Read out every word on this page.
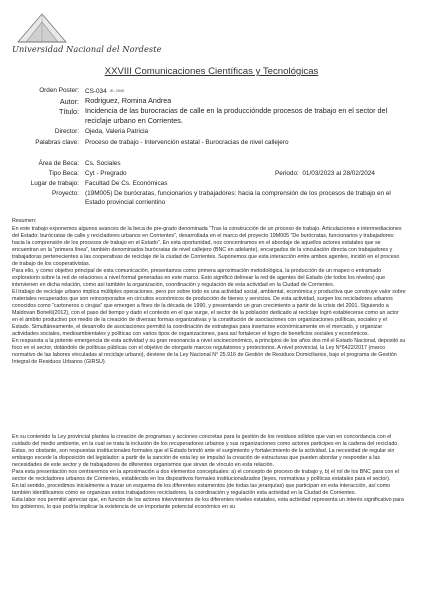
Universidad Nacional del Nordeste
XXVIII Comunicaciones Científicas y Tecnológicas
Orden Poster: CS-034 ID: 2949
Autor: Rodriguez, Romina Andrea
Título: Incidencia de las burocracias de calle en la produccióndde procesos de trabajo en el sector del reciclaje urbano en Corrientes.
Director: Ojeda, Valeria Patricia
Palabras clave: Proceso de trabajo - Intervención estatal - Burocracias de nivel callejero
Área de Beca: Cs. Sociales
Tipo Beca: Cyt - Pregrado	Periodo: 01/03/2023 al 28/02/2024
Lugar de trabajo: Facultad De Cs. Económicas
Proyecto: (19M005) De burócratas, funcionarios y trabajadores: hacia la comprensión de los procesos de trabajo en el Estado provincial corrientino

Resumen:

En este trabajo exponemos algunos avances de la beca de pre-grado denominada “Tras la construcción de un proceso de trabajo. Articulaciones e intermediaciones del Estado: burócratas de calle y recicladores urbanos en Corrientes”, desarrollada en el marco del proyecto 19M005 “De burócratas, funcionarios y trabajadores: hacia la comprensión de los procesos de trabajo en el Estado”. En esta oportunidad, nos concentramos en el abordaje de aquellos actores estatales que se encuentran en la “primera línea”, también denominados burócratas de nivel callejero (BNC en adelante), encargados de la vinculación directa con trabajadores y trabajadoras pertenecientes a las cooperativas de reciclaje de la ciudad de Corrientes. Suponemos que esta interacción entre ambos agentes, incidió en el proceso de trabajo de los cooperativistas.

Para ello, y como objetivo principal de esta comunicación, presentamos como primera aproximación metodológica, la producción de un mapeo o entramado exploratorio sobre la red de relaciones a nivel formal generadas en este marco. Esto significó delinear la red de agentes del Estado (de todos los niveles) que intervienen en dicha relación, como así también la organización, coordinación y regulación de esta actividad en la Ciudad de Corrientes.

El trabajo de reciclaje urbano implica múltiples operaciones, pero por sobre todo es una actividad social, ambiental, económica y productiva que construye valor sobre materiales recuperados que son reincorporados en circuitos económicos de producción de bienes y servicios. De esta actividad, surgen los recicladores urbanos conocidos como “cartoneros o cirujas” que emergen a fines de la década de 1990, y presentando un gran crecimiento a partir de la crisis del 2001. Siguiendo a Maldovan Bonelli(2012), con el paso del tiempo y dado el contexto en el que surge, el sector de la población dedicado al reciclaje logró establecerse como un actor en el ámbito productivo por medio de la creación de diversas formas organizativas y la constitución de asociaciones con organizaciones políticas, sociales y el Estado. Simultáneamente, el desarrollo de asociaciones permitió la coordinación de estrategias para insertarse económicamente en el mercado, y organizar actividades sociales, medioambientales y políticas con varios tipos de organizaciones, para así fortalecer el logro de beneficios sociales y económicos.

En respuesta a la potente emergencia de esta actividad y su gran resonancia a nivel socioeconómico, a principios de los años dos mil el Estado Nacional, depositó su foco en el sector, dotándolo de políticas públicas con el objetivo de otorgarle marcos regulatorios y protectorios. A nivel provincial, la Ley N°6422/2017 (marco normativo de las labores vinculadas al reciclaje urbano), deviene de la Ley Nacional N° 25.916 de Gestión de Residuos Domiciliarios, bajo el programa de Gestión Integral de Residuos Urbanos (GIRSU).

En su contenido la Ley provincial plantea la creación de programas y acciones concretas para la gestión de los residuos sólidos que van en concordancia con el cuidado del medio ambiente, en la cual se trata la inclusión de los recuperadores urbanos y sus organizaciones como actores participes en la cadena del reciclado.

Estas, no obstante, son respuestas institucionales formales que el Estado brindó ante el surgimiento y fortalecimiento de la actividad. La necesidad de regular sin embargo excede la disposición del legislador: a partir de la sanción de esta ley se impulsó la creación de estructuras que pueden abordar y responder a las necesidades de este sector y de trabajadores de diferentes organismos que sirvan de vínculo en esta relación.

Para esta presentación nos centraremos en la aproximación a dos elementos conceptuales: a) el concepto de proceso de trabajo y, b) el rol de los BNC para con el sector de recicladores urbanos de Corrientes, establecido en los dispositivos formales institucionalizados (leyes, normativas y políticas estatales para el sector).

En tal sentido, procedimos inicialmente a trazar un esquema de los diferentes estamentos (de todas las jerarquías) que participan en esta interacción, así como también identificamos cómo se organizan estos trabajadores recicladores, la coordinación y regulación esta actividad en la Ciudad de Corrientes.

Esta labor nos permitió apreciar que, en función de los actores intervinientes de los diferentes niveles estatales, esta actividad representa un interés significativo para los gobiernos, lo que podría implicar la existencia de un importante potencial económico en su
